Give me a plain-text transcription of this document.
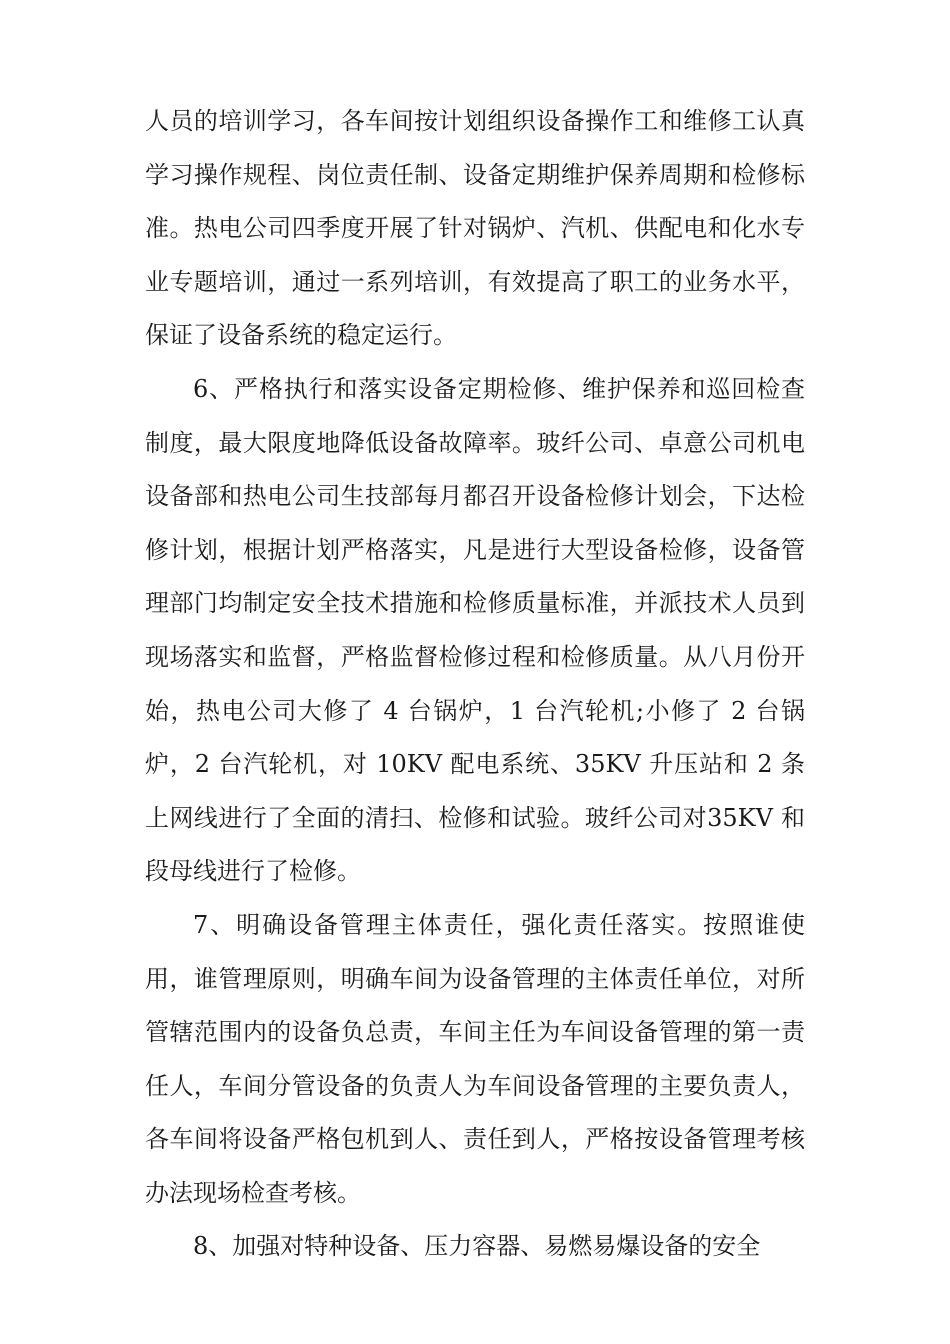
人员的培训学习，各车间按计划组织设备操作工和维修工认真学习操作规程、岗位责任制、设备定期维护保养周期和检修标准。热电公司四季度开展了针对锅炉、汽机、供配电和化水专业专题培训，通过一系列培训，有效提高了职工的业务水平，保证了设备系统的稳定运行。

6、严格执行和落实设备定期检修、维护保养和巡回检查制度，最大限度地降低设备故障率。玻纤公司、卓意公司机电设备部和热电公司生技部每月都召开设备检修计划会，下达检修计划，根据计划严格落实，凡是进行大型设备检修，设备管理部门均制定安全技术措施和检修质量标准，并派技术人员到现场落实和监督，严格监督检修过程和检修质量。从八月份开始，热电公司大修了 4 台锅炉，1 台汽轮机;小修了 2 台锅炉，2 台汽轮机，对 10KV 配电系统、35KV 升压站和 2 条上网线进行了全面的清扫、检修和试验。玻纤公司对35KV 和段母线进行了检修。

7、明确设备管理主体责任，强化责任落实。按照谁使用，谁管理原则，明确车间为设备管理的主体责任单位，对所管辖范围内的设备负总责，车间主任为车间设备管理的第一责任人，车间分管设备的负责人为车间设备管理的主要负责人，各车间将设备严格包机到人、责任到人，严格按设备管理考核办法现场检查考核。

8、加强对特种设备、压力容器、易燃易爆设备的安全
